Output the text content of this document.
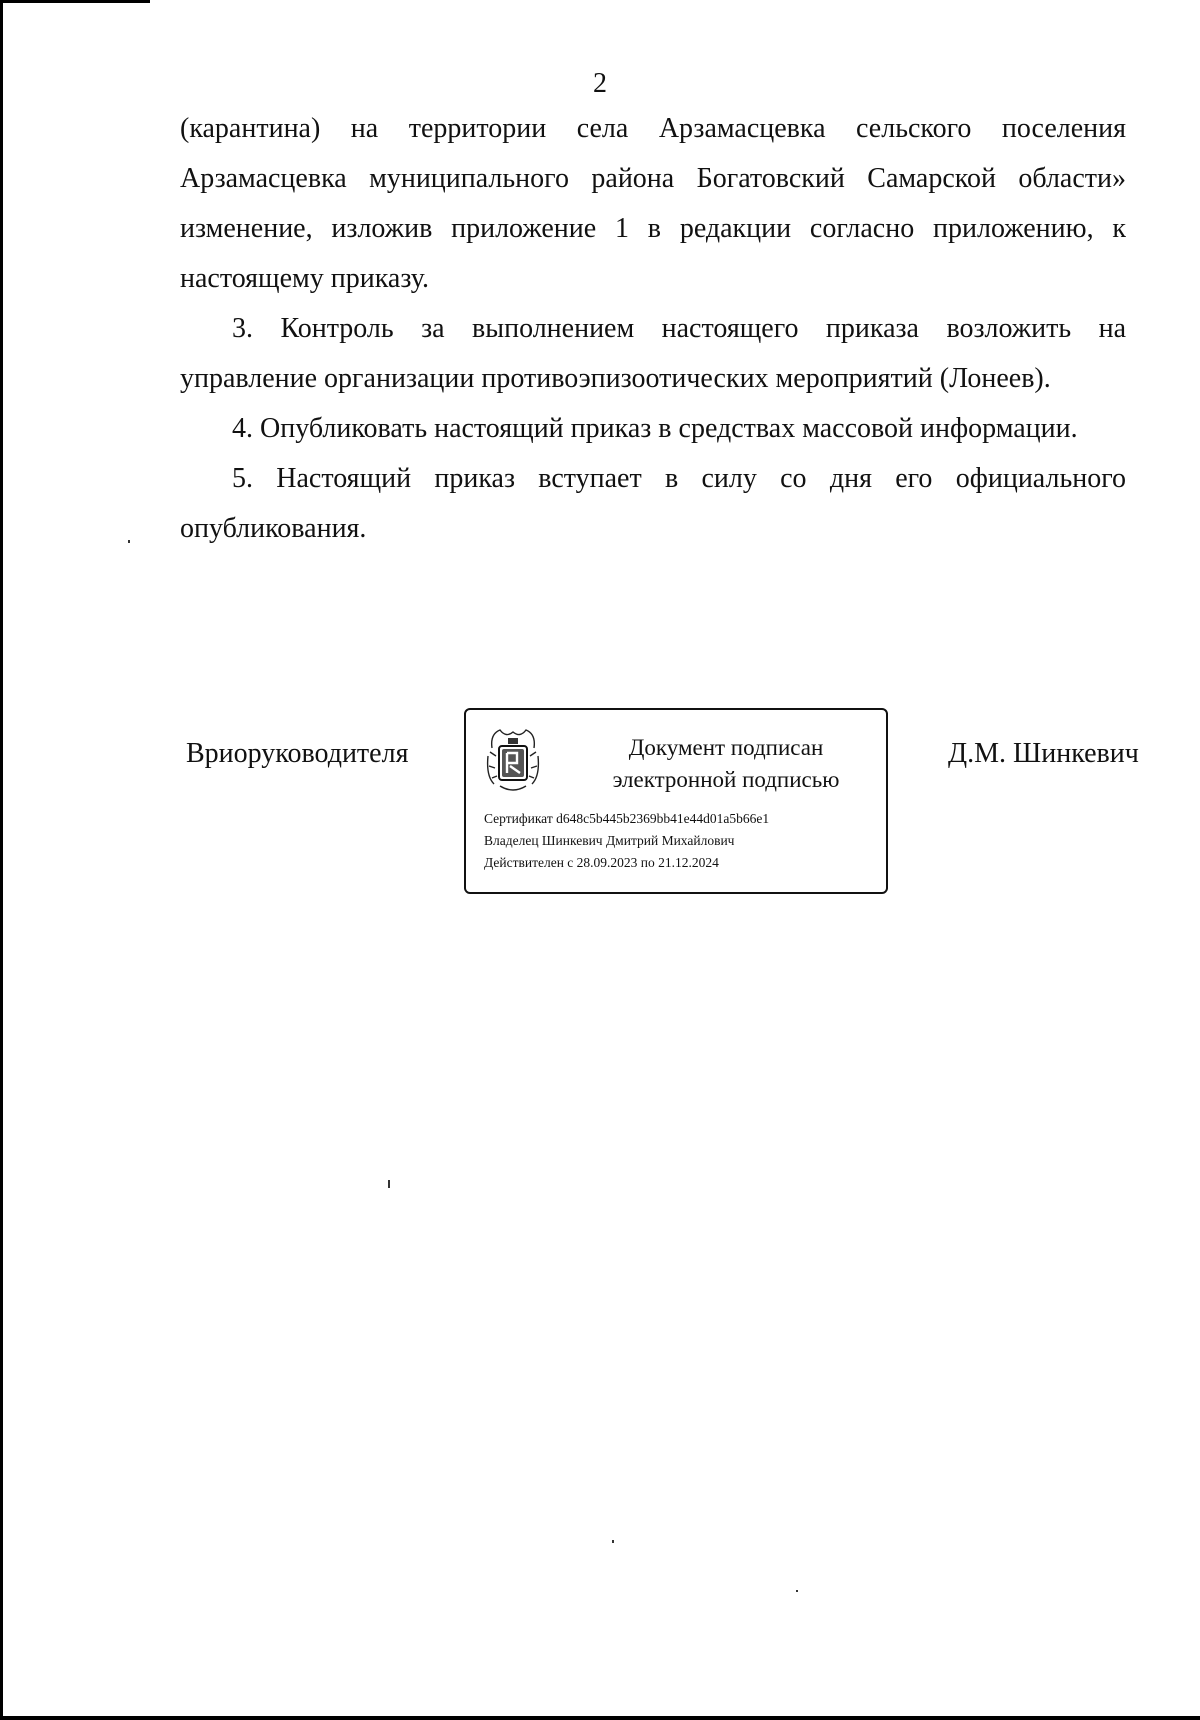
2

(карантина) на территории села Арзамасцевка сельского поселения Арзамасцевка муниципального района Богатовский Самарской области» изменение, изложив приложение 1 в редакции согласно приложению, к настоящему приказу.

3. Контроль за выполнением настоящего приказа возложить на управление организации противоэпизоотических мероприятий (Лонеев).

4. Опубликовать настоящий приказ в средствах массовой информации.

5. Настоящий приказ вступает в силу со дня его официального опубликования.

Вриоруководителя	Документ подписан
электронной подписью
Сертификат d648c5b445b2369bb41e44d01a5b66e1
Владелец Шинкевич Дмитрий Михайлович
Действителен с 28.09.2023 по 21.12.2024
Д.М. Шинкевич
